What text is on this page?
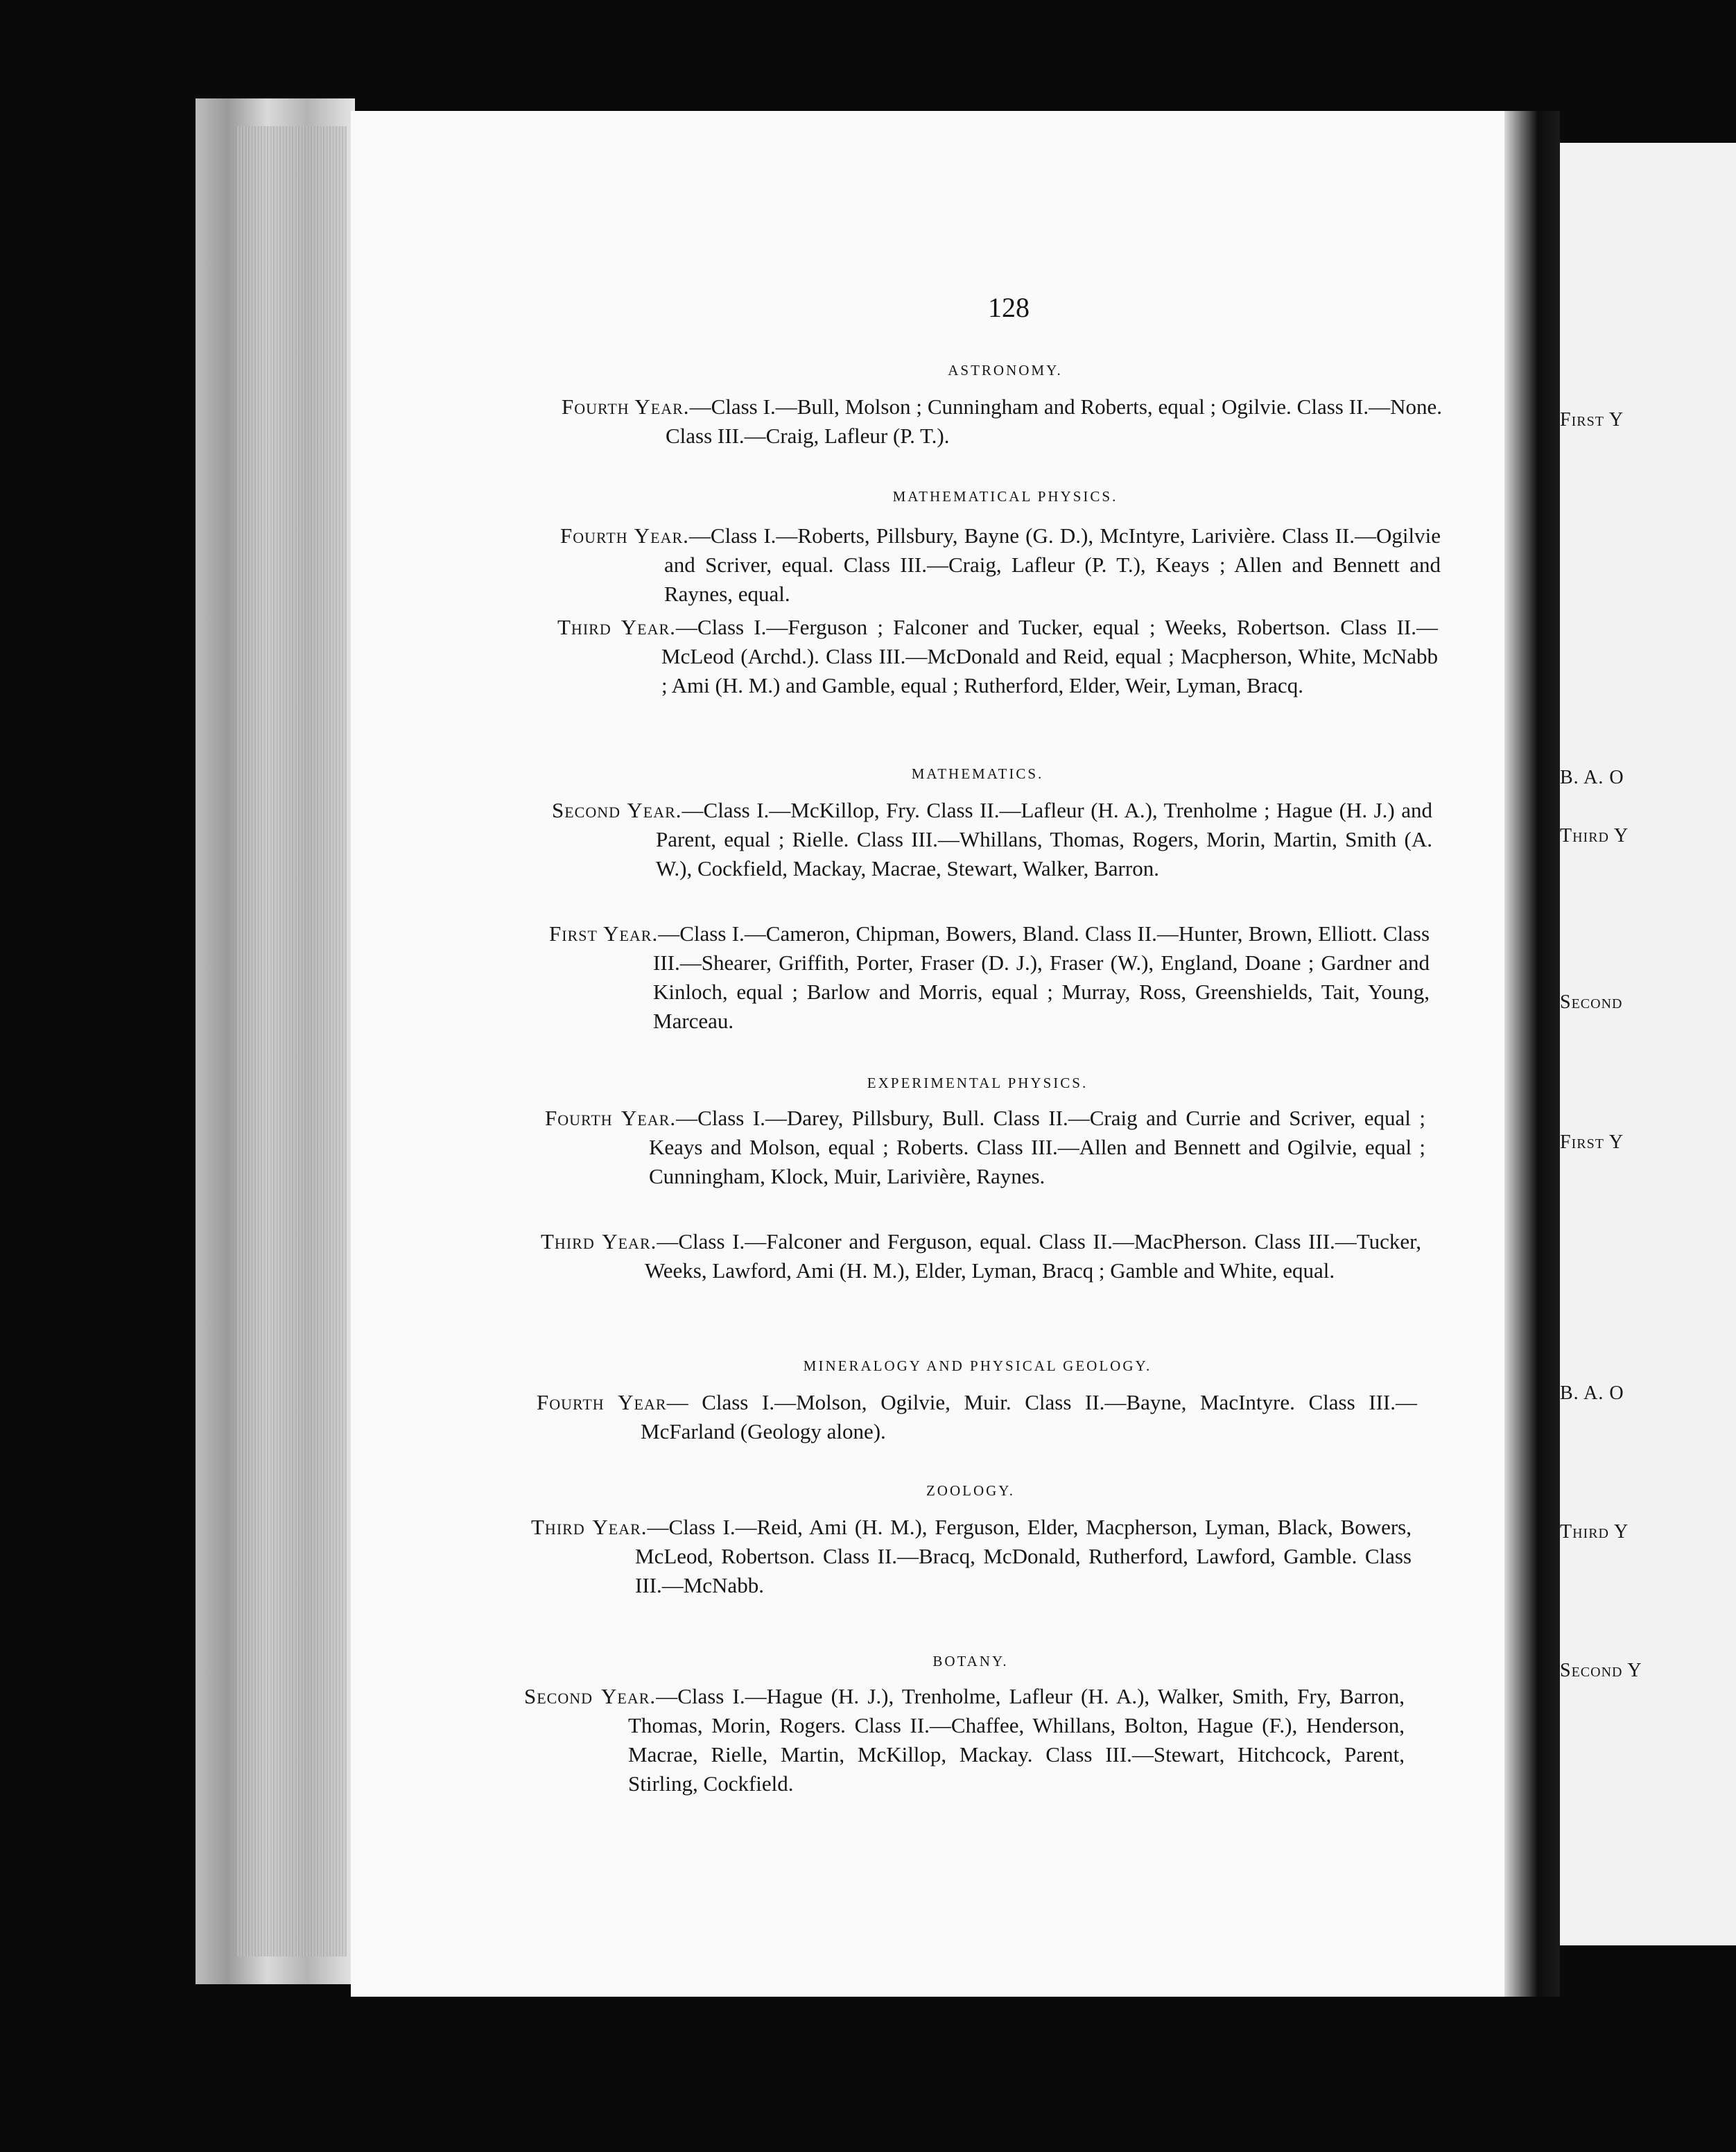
First Y
B. A. O
Third Y
Second
First Y
B. A. O
Third Y
Second Y
128
ASTRONOMY.
Fourth Year.—Class I.—Bull, Molson ; Cunningham and Roberts, equal ; Ogilvie. Class II.—None. Class III.—Craig, Lafleur (P. T.).
MATHEMATICAL PHYSICS.
Fourth Year.—Class I.—Roberts, Pillsbury, Bayne (G. D.), McIntyre, Larivière. Class II.—Ogilvie and Scriver, equal. Class III.—Craig, Lafleur (P. T.), Keays ; Allen and Bennett and Raynes, equal.
Third Year.—Class I.—Ferguson ; Falconer and Tucker, equal ; Weeks, Robertson. Class II.—McLeod (Archd.). Class III.—McDonald and Reid, equal ; Macpherson, White, McNabb ; Ami (H. M.) and Gamble, equal ; Rutherford, Elder, Weir, Lyman, Bracq.
MATHEMATICS.
Second Year.—Class I.—McKillop, Fry. Class II.—Lafleur (H. A.), Trenholme ; Hague (H. J.) and Parent, equal ; Rielle. Class III.—Whillans, Thomas, Rogers, Morin, Martin, Smith (A. W.), Cockfield, Mackay, Macrae, Stewart, Walker, Barron.
First Year.—Class I.—Cameron, Chipman, Bowers, Bland. Class II.—Hunter, Brown, Elliott. Class III.—Shearer, Griffith, Porter, Fraser (D. J.), Fraser (W.), England, Doane ; Gardner and Kinloch, equal ; Barlow and Morris, equal ; Murray, Ross, Greenshields, Tait, Young, Marceau.
EXPERIMENTAL PHYSICS.
Fourth Year.—Class I.—Darey, Pillsbury, Bull. Class II.—Craig and Currie and Scriver, equal ; Keays and Molson, equal ; Roberts. Class III.—Allen and Bennett and Ogilvie, equal ; Cunningham, Klock, Muir, Larivière, Raynes.
Third Year.—Class I.—Falconer and Ferguson, equal. Class II.—MacPherson. Class III.—Tucker, Weeks, Lawford, Ami (H. M.), Elder, Lyman, Bracq ; Gamble and White, equal.
MINERALOGY AND PHYSICAL GEOLOGY.
Fourth Year— Class I.—Molson, Ogilvie, Muir. Class II.—Bayne, MacIntyre. Class III.—McFarland (Geology alone).
ZOOLOGY.
Third Year.—Class I.—Reid, Ami (H. M.), Ferguson, Elder, Macpherson, Lyman, Black, Bowers, McLeod, Robertson. Class II.—Bracq, McDonald, Rutherford, Lawford, Gamble. Class III.—McNabb.
BOTANY.
Second Year.—Class I.—Hague (H. J.), Trenholme, Lafleur (H. A.), Walker, Smith, Fry, Barron, Thomas, Morin, Rogers. Class II.—Chaffee, Whillans, Bolton, Hague (F.), Henderson, Macrae, Rielle, Martin, McKillop, Mackay. Class III.—Stewart, Hitchcock, Parent, Stirling, Cockfield.
